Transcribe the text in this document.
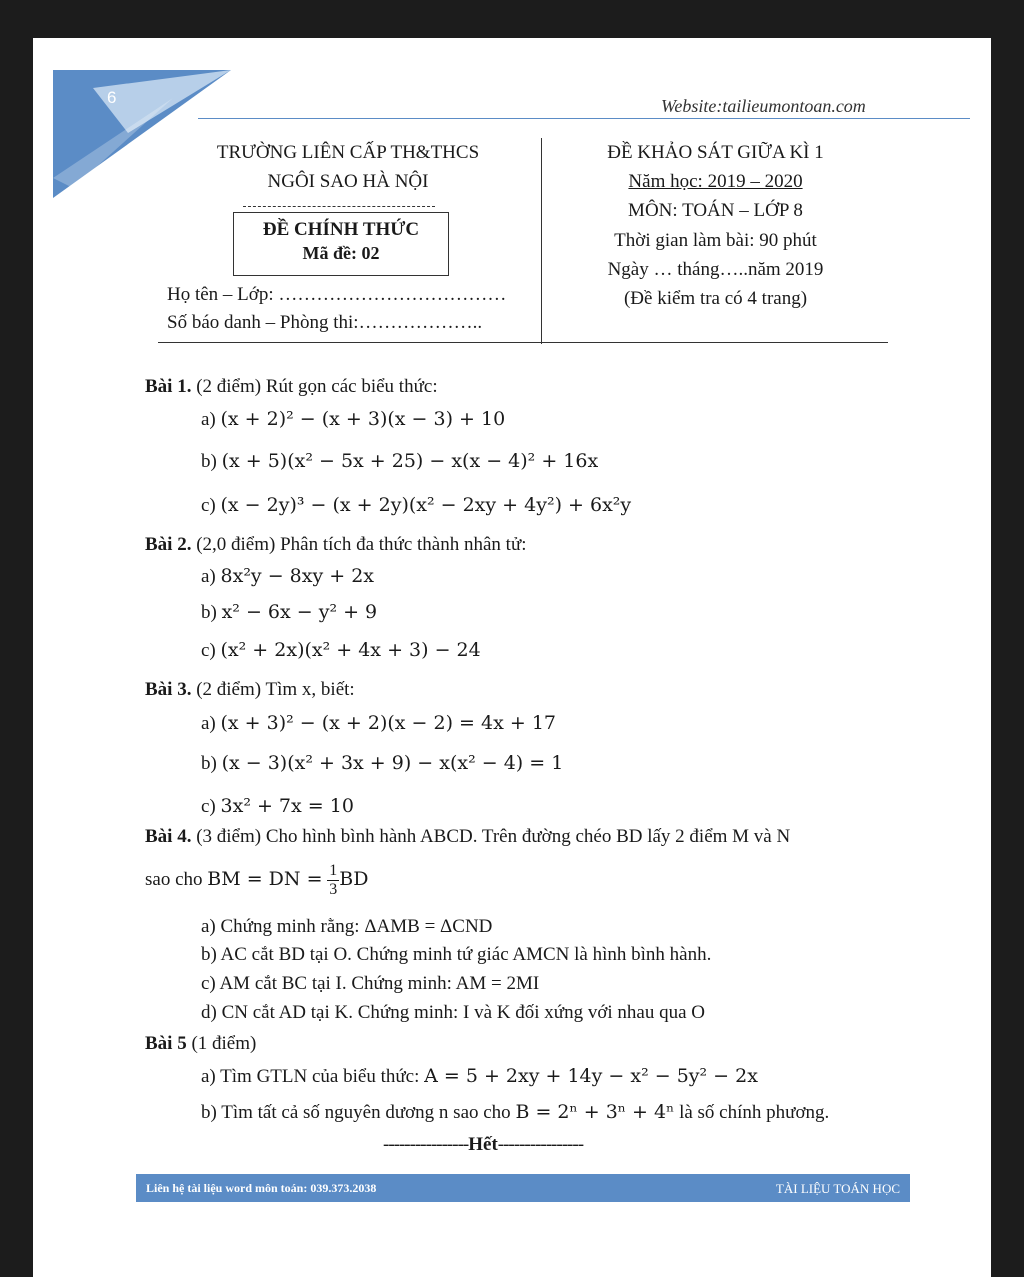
6	Website:tailieumontoan.com
TRƯỜNG LIÊN CẤP TH&THCS
NGÔI SAO HÀ NỘI
ĐỀ CHÍNH THỨC
Mã đề: 02
Họ tên – Lớp: ………………………………
Số báo danh – Phòng thi:………………..
ĐỀ KHẢO SÁT GIỮA KÌ 1
Năm học: 2019 – 2020
MÔN: TOÁN – LỚP 8
Thời gian làm bài: 90 phút
Ngày … tháng…..năm 2019
(Đề kiểm tra có 4 trang)
Bài 1. (2 điểm) Rút gọn các biểu thức:
a) (x + 2)² − (x + 3)(x − 3) + 10
b) (x + 5)(x² − 5x + 25) − x(x − 4)² + 16x
c) (x − 2y)³ − (x + 2y)(x² − 2xy + 4y²) + 6x²y
Bài 2. (2,0 điểm) Phân tích đa thức thành nhân tử:
a) 8x²y − 8xy + 2x
b) x² − 6x − y² + 9
c) (x² + 2x)(x² + 4x + 3) − 24
Bài 3. (2 điểm) Tìm x, biết:
a) (x + 3)² − (x + 2)(x − 2) = 4x + 17
b) (x − 3)(x² + 3x + 9) − x(x² − 4) = 1
c) 3x² + 7x = 10
Bài 4. (3 điểm) Cho hình bình hành ABCD. Trên đường chéo BD lấy 2 điểm M và N
sao cho BM = DN = $\frac{1}{3}$ BD
a) Chứng minh rằng: ΔAMB = ΔCND
b) AC cắt BD tại O. Chứng minh tứ giác AMCN là hình bình hành.
c) AM cắt BC tại I. Chứng minh: AM = 2MI
d) CN cắt AD tại K. Chứng minh: I và K đối xứng với nhau qua O
Bài 5 (1 điểm)
a) Tìm GTLN của biểu thức: A = 5 + 2xy + 14y − x² − 5y² − 2x
b) Tìm tất cả số nguyên dương n sao cho B = 2ⁿ + 3ⁿ + 4ⁿ là số chính phương.
----------------Hết----------------
Liên hệ tài liệu word môn toán: 039.373.2038	TÀI LIỆU TOÁN HỌC
